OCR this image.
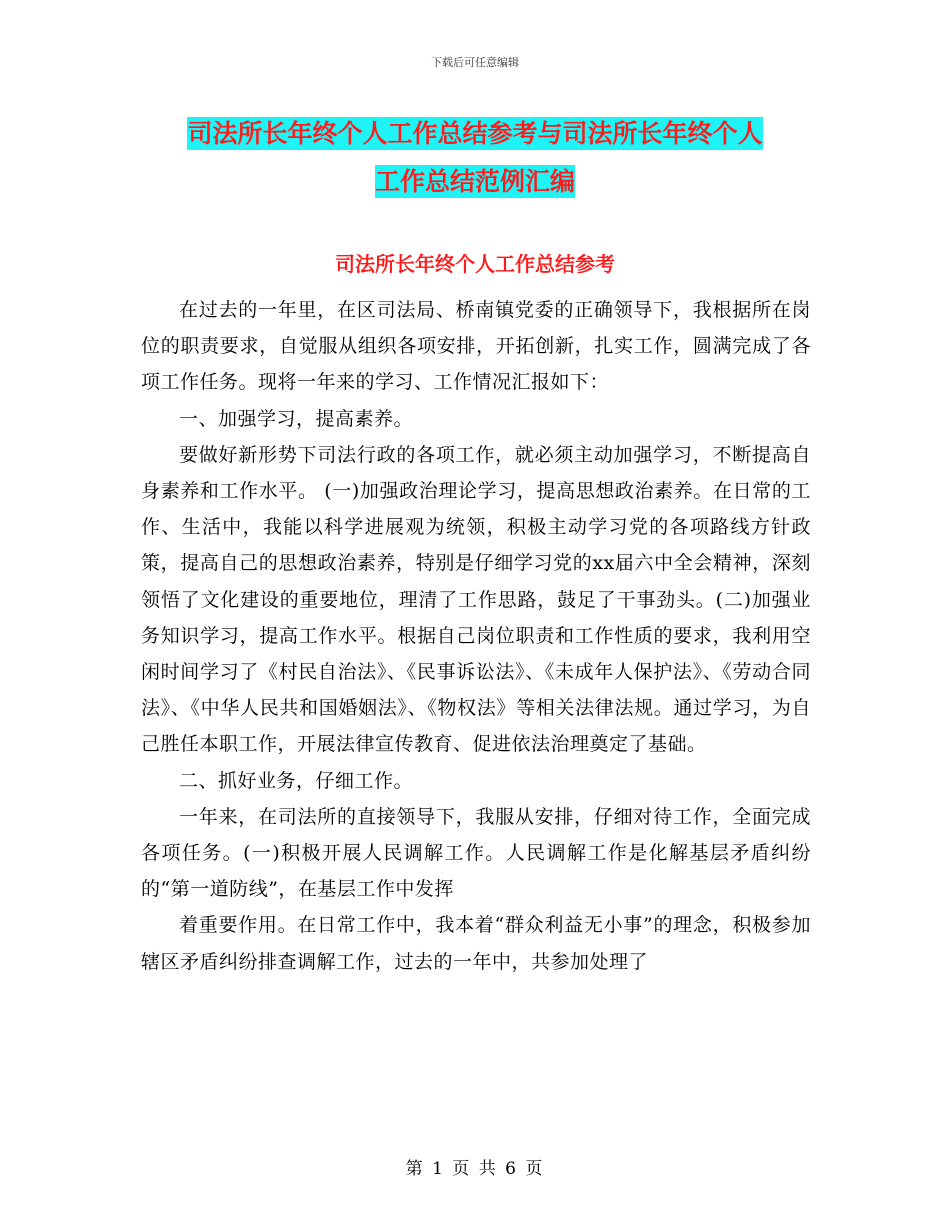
下载后可任意编辑
司法所长年终个人工作总结参考与司法所长年终个人
工作总结范例汇编
司法所长年终个人工作总结参考

在过去的一年里，在区司法局、桥南镇党委的正确领导下，我根据所在岗位的职责要求，自觉服从组织各项安排，开拓创新，扎实工作，圆满完成了各项工作任务。现将一年来的学习、工作情况汇报如下：

一、加强学习，提高素养。

要做好新形势下司法行政的各项工作，就必须主动加强学习，不断提高自身素养和工作水平。 (一)加强政治理论学习，提高思想政治素养。在日常的工作、生活中，我能以科学进展观为统领，积极主动学习党的各项路线方针政策，提高自己的思想政治素养，特别是仔细学习党的xx届六中全会精神，深刻领悟了文化建设的重要地位，理清了工作思路，鼓足了干事劲头。(二)加强业务知识学习，提高工作水平。根据自己岗位职责和工作性质的要求，我利用空闲时间学习了《村民自治法》、《民事诉讼法》、《未成年人保护法》、《劳动合同法》、《中华人民共和国婚姻法》、《物权法》等相关法律法规。通过学习，为自己胜任本职工作，开展法律宣传教育、促进依法治理奠定了基础。

二、抓好业务，仔细工作。

一年来，在司法所的直接领导下，我服从安排，仔细对待工作，全面完成各项任务。(一)积极开展人民调解工作。人民调解工作是化解基层矛盾纠纷的“第一道防线”，在基层工作中发挥

着重要作用。在日常工作中，我本着“群众利益无小事”的理念，积极参加辖区矛盾纠纷排查调解工作，过去的一年中，共参加处理了

第 1 页 共 6 页
